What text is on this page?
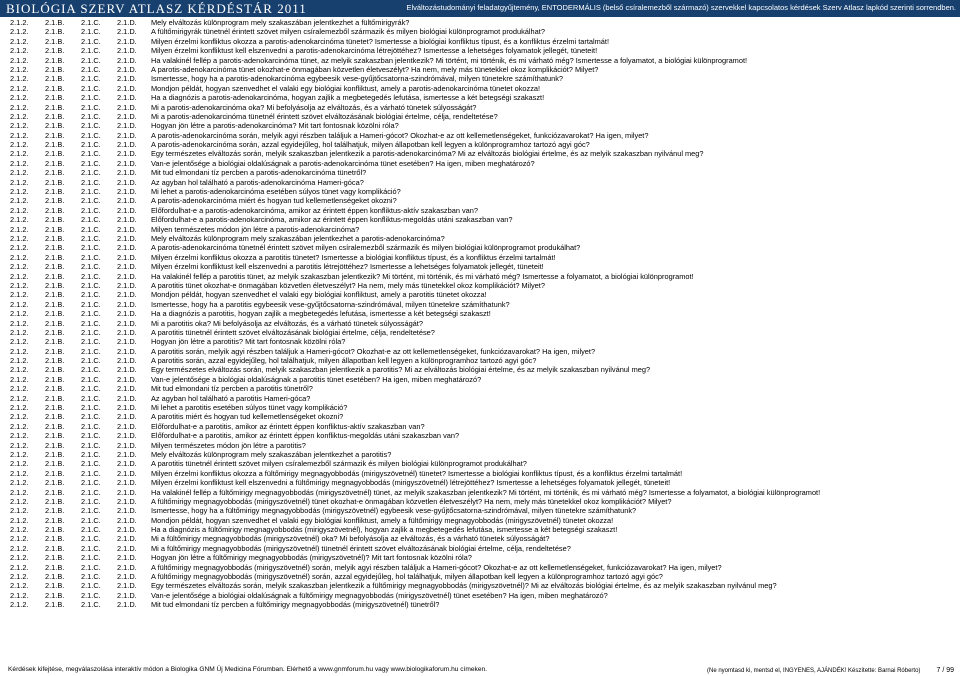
BIOLÓGIA SZERV ATLASZ KÉRDÉSTÁR 2011	Elváltozástudományi feladatgyűjtemény, ENTODERMÁLIS (belső csíralemezből származó) szervekkel kapcsolatos kérdések Szerv Atlasz lapkód szerinti sorrendben.
2.1.2. 2.1.B. 2.1.C. 2.1.D. Mely elváltozás különprogram mely szakaszában jelentkezhet a fültőmirigyrák?
2.1.2. 2.1.B. 2.1.C. 2.1.D. A fültőmirigyrák tünetnél érintett szövet milyen csíralemezből származik és milyen biológiai különprogramot produkálhat?
2.1.2. 2.1.B. 2.1.C. 2.1.D. Milyen érzelmi konfliktus okozza a parotis-adenokarcinóma tünetet? Ismertesse a biológiai konfliktus típust, és a konfliktus érzelmi tartalmát!
2.1.2. 2.1.B. 2.1.C. 2.1.D. Milyen érzelmi konfliktust kell elszenvedni a parotis-adenokarcinóma létrejöttéhez? Ismertesse a lehetséges folyamatok jellegét, tüneteit!
2.1.2. 2.1.B. 2.1.C. 2.1.D. Ha valakinél fellép a parotis-adenokarcinóma tünet, az melyik szakaszban jelentkezik? Mi történt, mi történik, és mi várható még? Ismertesse a folyamatot, a biológiai különprogramot!
2.1.2. 2.1.B. 2.1.C. 2.1.D. A parotis-adenokarcinóma tünet okozhat-e önmagában közvetlen életveszélyt? Ha nem, mely más tünetekkel okoz komplikációt? Milyet?
2.1.2. 2.1.B. 2.1.C. 2.1.D. Ismertesse, hogy ha a parotis-adenokarcinóma egybeesik vese-gyűjtőcsatorna-szindrómával, milyen tünetekre számíthatunk?
2.1.2. 2.1.B. 2.1.C. 2.1.D. Mondjon példát, hogyan szenvedhet el valaki egy biológiai konfliktust, amely a parotis-adenokarcinóma tünetet okozza!
2.1.2. 2.1.B. 2.1.C. 2.1.D. Ha a diagnózis a parotis-adenokarcinóma, hogyan zajlik a megbetegedés lefutása, ismertesse a két betegségi szakaszt!
2.1.2. 2.1.B. 2.1.C. 2.1.D. Mi a parotis-adenokarcinóma oka? Mi befolyásolja az elváltozás, és a várható tünetek súlyosságát?
2.1.2. 2.1.B. 2.1.C. 2.1.D. Mi a parotis-adenokarcinóma tünetnél érintett szövet elváltozásának biológiai értelme, célja, rendeltetése?
2.1.2. 2.1.B. 2.1.C. 2.1.D. Hogyan jön létre a parotis-adenokarcinóma? Mit tart fontosnak közölni róla?
2.1.2. 2.1.B. 2.1.C. 2.1.D. A parotis-adenokarcinóma során, melyik agyi részben találjuk a Hameri-gócot? Okozhat-e az ott kellemetlenségeket, funkciózavarokat? Ha igen, milyet?
2.1.2. 2.1.B. 2.1.C. 2.1.D. A parotis-adenokarcinóma során, azzal egyidejűleg, hol találhatjuk, milyen állapotban kell legyen a különprogramhoz tartozó agyi góc?
2.1.2. 2.1.B. 2.1.C. 2.1.D. Egy természetes elváltozás során, melyik szakaszban jelentkezik a parotis-adenokarcinóma? Mi az elváltozás biológiai értelme, és az melyik szakaszban nyilvánul meg?
2.1.2. 2.1.B. 2.1.C. 2.1.D. Van-e jelentősége a biológiai oldalúságnak a parotis-adenokarcinóma tünet esetében? Ha igen, miben meghatározó?
2.1.2. 2.1.B. 2.1.C. 2.1.D. Mit tud elmondani tíz percben a parotis-adenokarcinóma tünetről?
2.1.2. 2.1.B. 2.1.C. 2.1.D. Az agyban hol található a parotis-adenokarcinóma Hameri-góca?
2.1.2. 2.1.B. 2.1.C. 2.1.D. Mi lehet a parotis-adenokarcinóma esetében súlyos tünet vagy komplikáció?
2.1.2. 2.1.B. 2.1.C. 2.1.D. A parotis-adenokarcinóma miért és hogyan tud kellemetlenségeket okozni?
2.1.2. 2.1.B. 2.1.C. 2.1.D. Előfordulhat-e a parotis-adenokarcinóma, amikor az érintett éppen konfliktus-aktív szakaszban van?
2.1.2. 2.1.B. 2.1.C. 2.1.D. Előfordulhat-e a parotis-adenokarcinóma, amikor az érintett éppen konfliktus-megoldás utáni szakaszban van?
2.1.2. 2.1.B. 2.1.C. 2.1.D. Milyen természetes módon jön létre a parotis-adenokarcinóma?
2.1.2. 2.1.B. 2.1.C. 2.1.D. Mely elváltozás különprogram mely szakaszában jelentkezhet a parotis-adenokarcinóma?
2.1.2. 2.1.B. 2.1.C. 2.1.D. A parotis-adenokarcinóma tünetnél érintett szövet milyen csíralemezből származik és milyen biológiai különprogramot produkálhat?
2.1.2. 2.1.B. 2.1.C. 2.1.D. Milyen érzelmi konfliktus okozza a parotitis tünetet? Ismertesse a biológiai konfliktus típust, és a konfliktus érzelmi tartalmát!
2.1.2. 2.1.B. 2.1.C. 2.1.D. Milyen érzelmi konfliktust kell elszenvedni a parotitis létrejöttéhez? Ismertesse a lehetséges folyamatok jellegét, tüneteit!
2.1.2. 2.1.B. 2.1.C. 2.1.D. Ha valakinél fellép a parotitis tünet, az melyik szakaszban jelentkezik? Mi történt, mi történik, és mi várható még? Ismertesse a folyamatot, a biológiai különprogramot!
2.1.2. 2.1.B. 2.1.C. 2.1.D. A parotitis tünet okozhat-e önmagában közvetlen életveszélyt? Ha nem, mely más tünetekkel okoz komplikációt? Milyet?
2.1.2. 2.1.B. 2.1.C. 2.1.D. Mondjon példát, hogyan szenvedhet el valaki egy biológiai konfliktust, amely a parotitis tünetet okozza!
2.1.2. 2.1.B. 2.1.C. 2.1.D. Ismertesse, hogy ha a parotitis egybeesik vese-gyűjtőcsatorna-szindrómával, milyen tünetekre számíthatunk?
2.1.2. 2.1.B. 2.1.C. 2.1.D. Ha a diagnózis a parotitis, hogyan zajlik a megbetegedés lefutása, ismertesse a két betegségi szakaszt!
2.1.2. 2.1.B. 2.1.C. 2.1.D. Mi a parotitis oka? Mi befolyásolja az elváltozás, és a várható tünetek súlyosságát?
2.1.2. 2.1.B. 2.1.C. 2.1.D. A parotitis tünetnél érintett szövet elváltozásának biológiai értelme, célja, rendeltetése?
2.1.2. 2.1.B. 2.1.C. 2.1.D. Hogyan jön létre a parotitis? Mit tart fontosnak közölni róla?
2.1.2. 2.1.B. 2.1.C. 2.1.D. A parotitis során, melyik agyi részben találjuk a Hameri-gócot? Okozhat-e az ott kellemetlenségeket, funkciózavarokat? Ha igen, milyet?
2.1.2. 2.1.B. 2.1.C. 2.1.D. A parotitis során, azzal egyidejűleg, hol találhatjuk, milyen állapotban kell legyen a különprogramhoz tartozó agyi góc?
2.1.2. 2.1.B. 2.1.C. 2.1.D. Egy természetes elváltozás során, melyik szakaszban jelentkezik a parotitis? Mi az elváltozás biológiai értelme, és az melyik szakaszban nyilvánul meg?
2.1.2. 2.1.B. 2.1.C. 2.1.D. Van-e jelentősége a biológiai oldalúságnak a parotitis tünet esetében? Ha igen, miben meghatározó?
2.1.2. 2.1.B. 2.1.C. 2.1.D. Mit tud elmondani tíz percben a parotitis tünetről?
2.1.2. 2.1.B. 2.1.C. 2.1.D. Az agyban hol található a parotitis Hameri-góca?
2.1.2. 2.1.B. 2.1.C. 2.1.D. Mi lehet a parotitis esetében súlyos tünet vagy komplikáció?
2.1.2. 2.1.B. 2.1.C. 2.1.D. A parotitis miért és hogyan tud kellemetlenségeket okozni?
2.1.2. 2.1.B. 2.1.C. 2.1.D. Előfordulhat-e a parotitis, amikor az érintett éppen konfliktus-aktív szakaszban van?
2.1.2. 2.1.B. 2.1.C. 2.1.D. Előfordulhat-e a parotitis, amikor az érintett éppen konfliktus-megoldás utáni szakaszban van?
2.1.2. 2.1.B. 2.1.C. 2.1.D. Milyen természetes módon jön létre a parotitis?
2.1.2. 2.1.B. 2.1.C. 2.1.D. Mely elváltozás különprogram mely szakaszában jelentkezhet a parotitis?
2.1.2. 2.1.B. 2.1.C. 2.1.D. A parotitis tünetnél érintett szövet milyen csíralemezből származik és milyen biológiai különprogramot produkálhat?
2.1.2. 2.1.B. 2.1.C. 2.1.D. Milyen érzelmi konfliktus okozza a fültőmirigy megnagyobbodás (mirigyszövetnél) tünetet? Ismertesse a biológiai konfliktus típust, és a konfliktus érzelmi tartalmát!
2.1.2. 2.1.B. 2.1.C. 2.1.D. Milyen érzelmi konfliktust kell elszenvedni a fültőmirigy megnagyobbodás (mirigyszövetnél) létrejöttéhez? Ismertesse a lehetséges folyamatok jellegét, tüneteit!
2.1.2. 2.1.B. 2.1.C. 2.1.D. Ha valakinél fellép a fültőmirigy megnagyobbodás (mirigyszövetnél) tünet, az melyik szakaszban jelentkezik? Mi történt, mi történik, és mi várható még? Ismertesse a folyamatot, a biológiai különprogramot!
2.1.2. 2.1.B. 2.1.C. 2.1.D. A fültőmirigy megnagyobbodás (mirigyszövetnél) tünet okozhat-e önmagában közvetlen életveszélyt? Ha nem, mely más tünetekkel okoz komplikációt? Milyet?
2.1.2. 2.1.B. 2.1.C. 2.1.D. Ismertesse, hogy ha a fültőmirigy megnagyobbodás (mirigyszövetnél) egybeesik vese-gyűjtőcsatorna-szindrómával, milyen tünetekre számíthatunk?
2.1.2. 2.1.B. 2.1.C. 2.1.D. Mondjon példát, hogyan szenvedhet el valaki egy biológiai konfliktust, amely a fültőmirigy megnagyobbodás (mirigyszövetnél) tünetet okozza!
2.1.2. 2.1.B. 2.1.C. 2.1.D. Ha a diagnózis a fültőmirigy megnagyobbodás (mirigyszövetnél), hogyan zajlik a megbetegedés lefutása, ismertesse a két betegségi szakaszt!
2.1.2. 2.1.B. 2.1.C. 2.1.D. Mi a fültőmirigy megnagyobbodás (mirigyszövetnél) oka? Mi befolyásolja az elváltozás, és a várható tünetek súlyosságát?
2.1.2. 2.1.B. 2.1.C. 2.1.D. Mi a fültőmirigy megnagyobbodás (mirigyszövetnél) tünetnél érintett szövet elváltozásának biológiai értelme, célja, rendeltetése?
2.1.2. 2.1.B. 2.1.C. 2.1.D. Hogyan jön létre a fültőmirigy megnagyobbodás (mirigyszövetnél)? Mit tart fontosnak közölni róla?
2.1.2. 2.1.B. 2.1.C. 2.1.D. A fültőmirigy megnagyobbodás (mirigyszövetnél) során, melyik agyi részben találjuk a Hameri-gócot? Okozhat-e az ott kellemetlenségeket, funkciózavarokat? Ha igen, milyet?
2.1.2. 2.1.B. 2.1.C. 2.1.D. A fültőmirigy megnagyobbodás (mirigyszövetnél) során, azzal egyidejűleg, hol találhatjuk, milyen állapotban kell legyen a különprogramhoz tartozó agyi góc?
2.1.2. 2.1.B. 2.1.C. 2.1.D. Egy természetes elváltozás során, melyik szakaszban jelentkezik a fültőmirigy megnagyobbodás (mirigyszövetnél)? Mi az elváltozás biológiai értelme, és az melyik szakaszban nyilvánul meg?
2.1.2. 2.1.B. 2.1.C. 2.1.D. Van-e jelentősége a biológiai oldalúságnak a fültőmirigy megnagyobbodás (mirigyszövetnél) tünet esetében? Ha igen, miben meghatározó?
2.1.2. 2.1.B. 2.1.C. 2.1.D. Mit tud elmondani tíz percben a fültőmirigy megnagyobbodás (mirigyszövetnél) tünetről?
Kérdések kifejtése, megválaszolása interaktív módon a Biologika GNM Új Medicina Fórumban. Elérhető a www.gnmforum.hu vagy www.biologikaforum.hu címeken.	(Ne nyomtasd ki, mentsd el, INGYENES, AJÁNDÉK! Készítette: Barnai Róberto) 7 / 99
